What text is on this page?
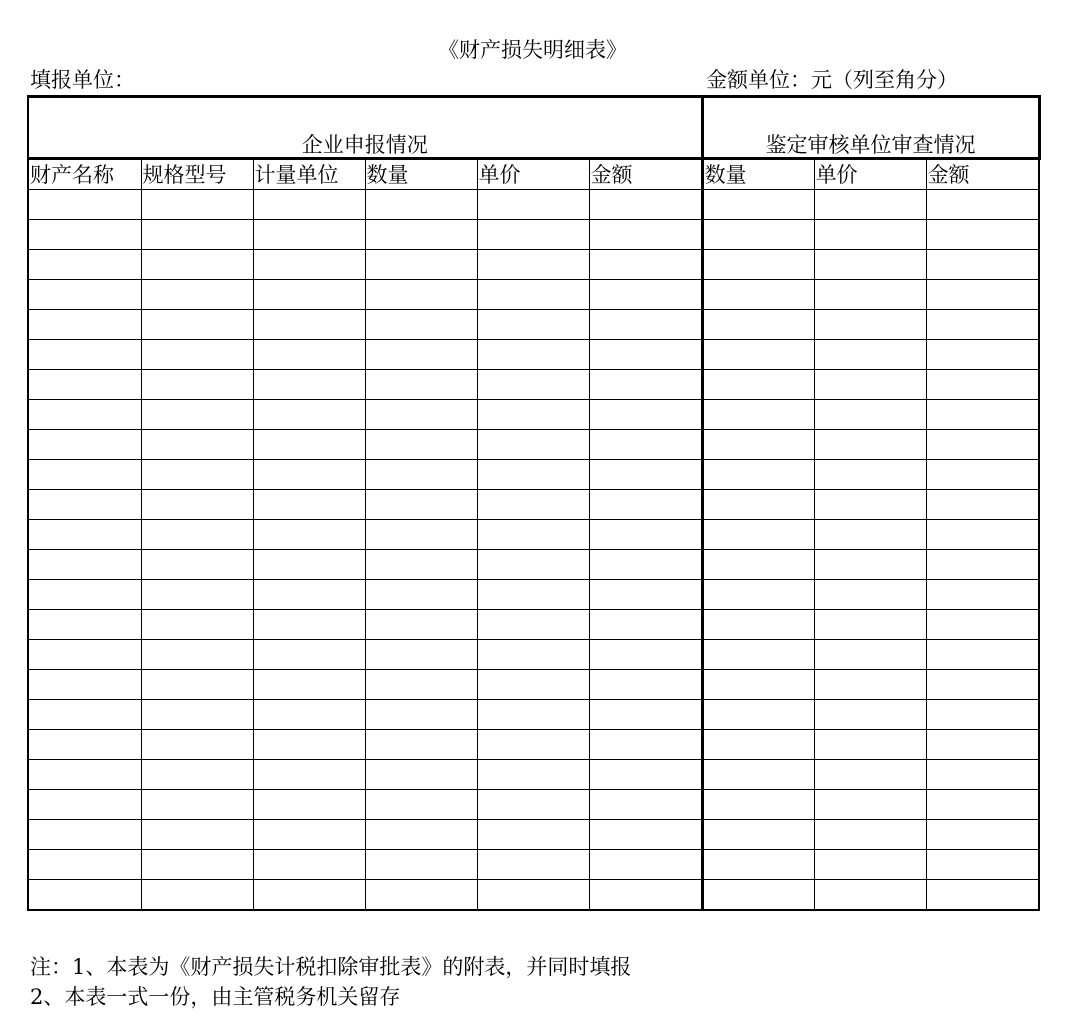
《财产损失明细表》
填报单位：	金额单位：元（列至角分）
企业申报情况						鉴定审核单位审查情况		
财产名称	规格型号	计量单位	数量	单价	金额	数量	单价	金额

注：1、本表为《财产损失计税扣除审批表》的附表，并同时填报
2、本表一式一份，由主管税务机关留存
